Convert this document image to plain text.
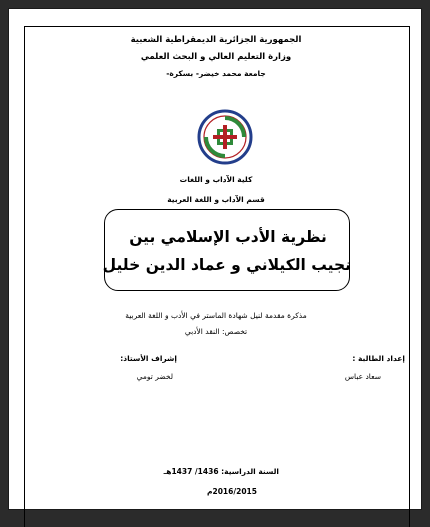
الجمهورية الجزائرية الديمقراطية الشعبية
وزارة التعليم العالي و البحث العلمي
جامعة محمد خيضر- بسكرة-
كلية الآداب و اللغات
قسم الآداب و اللغة العربية
نظرية الأدب الإسلامي بين
نجيب الكيلاني و عماد الدين خليل
مذكرة مقدمة لنيل شهادة الماستر في الأدب و اللغة العربية
تخصص: النقد الأدبي
إعداد الطالبة :
سعاد عباس
إشراف الأستاذ:
لخضر تومي
السنة الدراسية: 1436/ 1437هـ
2016/2015م
